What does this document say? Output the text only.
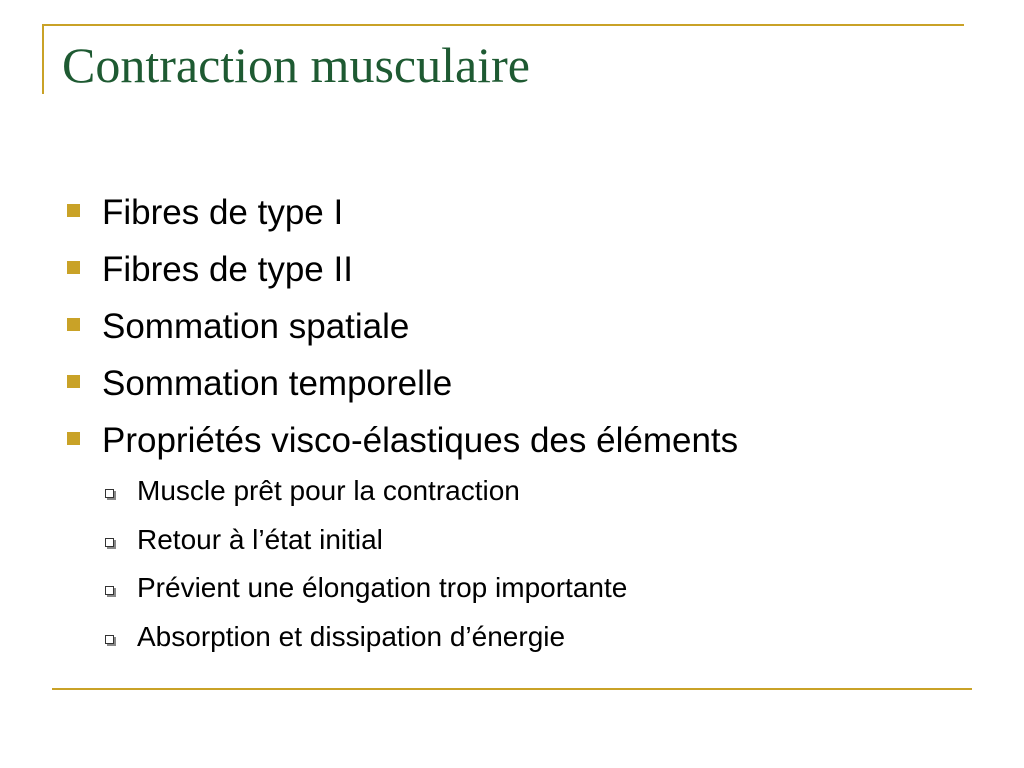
Contraction musculaire
Fibres de type I
Fibres de type II
Sommation spatiale
Sommation temporelle
Propriétés visco-élastiques des éléments
Muscle prêt pour la contraction
Retour à l’état initial
Prévient une élongation trop importante
Absorption et dissipation d’énergie
